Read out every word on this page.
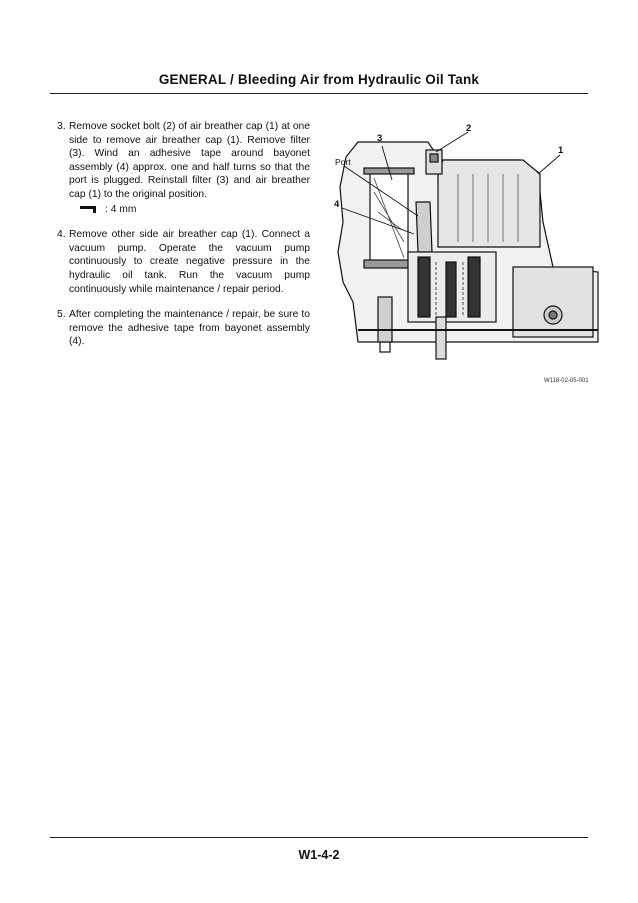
GENERAL / Bleeding Air from Hydraulic Oil Tank
3. Remove socket bolt (2) of air breather cap (1) at one side to remove air breather cap (1). Remove filter (3). Wind an adhesive tape around bayonet assembly (4) approx. one and half turns so that the port is plugged. Reinstall filter (3) and air breather cap (1) to the original position.
: 4 mm
4. Remove other side air breather cap (1). Connect a vacuum pump. Operate the vacuum pump continuously to create negative pressure in the hydraulic oil tank. Run the vacuum pump continuously while maintenance / repair period.
5. After completing the maintenance / repair, be sure to remove the adhesive tape from bayonet assembly (4).
3
2
1
Port
4
W118-02-05-001
W1-4-2
